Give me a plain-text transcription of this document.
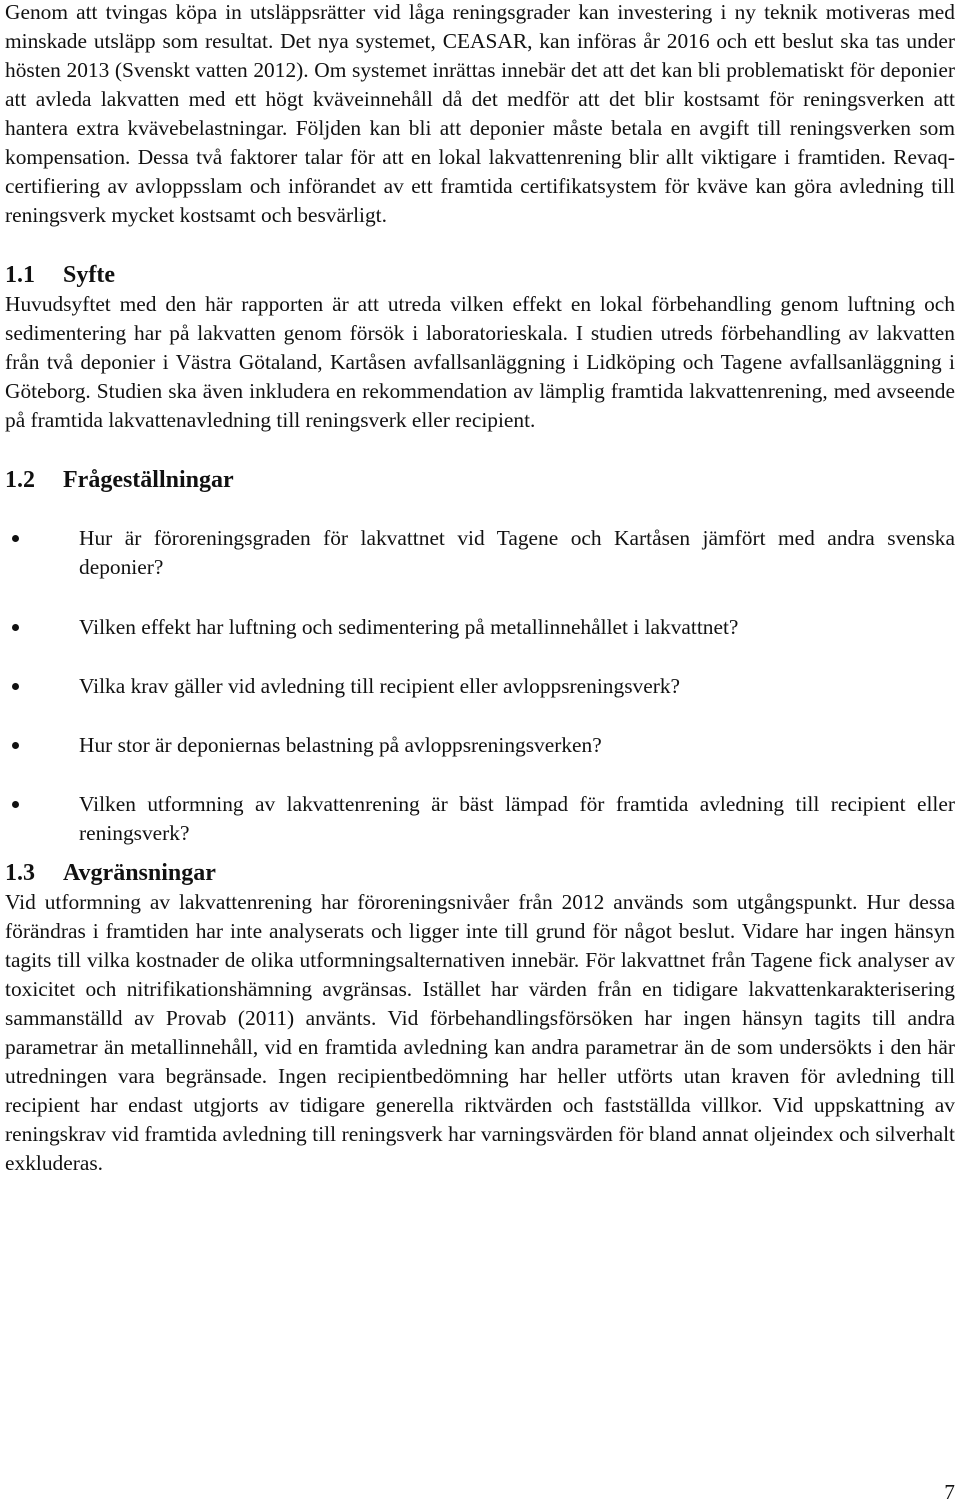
Genom att tvingas köpa in utsläppsrätter vid låga reningsgrader kan investering i ny teknik motiveras med minskade utsläpp som resultat. Det nya systemet, CEASAR, kan införas år 2016 och ett beslut ska tas under hösten 2013 (Svenskt vatten 2012). Om systemet inrättas innebär det att det kan bli problematiskt för deponier att avleda lakvatten med ett högt kväveinnehåll då det medför att det blir kostsamt för reningsverken att hantera extra kvävebelastningar. Följden kan bli att deponier måste betala en avgift till reningsverken som kompensation. Dessa två faktorer talar för att en lokal lakvattenrening blir allt viktigare i framtiden. Revaq-certifiering av avloppsslam och införandet av ett framtida certifikatsystem för kväve kan göra avledning till reningsverk mycket kostsamt och besvärligt.

1.1	Syfte

Huvudsyftet med den här rapporten är att utreda vilken effekt en lokal förbehandling genom luftning och sedimentering har på lakvatten genom försök i laboratorieskala. I studien utreds förbehandling av lakvatten från två deponier i Västra Götaland, Kartåsen avfallsanläggning i Lidköping och Tagene avfallsanläggning i Göteborg. Studien ska även inkludera en rekommendation av lämplig framtida lakvattenrening, med avseende på framtida lakvattenavledning till reningsverk eller recipient.

1.2	Frågeställningar
Hur är föroreningsgraden för lakvattnet vid Tagene och Kartåsen jämfört med andra svenska deponier?
Vilken effekt har luftning och sedimentering på metallinnehållet i lakvattnet?
Vilka krav gäller vid avledning till recipient eller avloppsreningsverk?
Hur stor är deponiernas belastning på avloppsreningsverken?
Vilken utformning av lakvattenrening är bäst lämpad för framtida avledning till recipient eller reningsverk?
1.3	Avgränsningar

Vid utformning av lakvattenrening har föroreningsnivåer från 2012 används som utgångspunkt. Hur dessa förändras i framtiden har inte analyserats och ligger inte till grund för något beslut. Vidare har ingen hänsyn tagits till vilka kostnader de olika utformningsalternativen innebär. För lakvattnet från Tagene fick analyser av toxicitet och nitrifikationshämning avgränsas. Istället har värden från en tidigare lakvattenkarakterisering sammanställd av Provab (2011) använts. Vid förbehandlingsförsöken har ingen hänsyn tagits till andra parametrar än metallinnehåll, vid en framtida avledning kan andra parametrar än de som undersökts i den här utredningen vara begränsade. Ingen recipientbedömning har heller utförts utan kraven för avledning till recipient har endast utgjorts av tidigare generella riktvärden och fastställda villkor. Vid uppskattning av reningskrav vid framtida avledning till reningsverk har varningsvärden för bland annat oljeindex och silverhalt exkluderas.

7
